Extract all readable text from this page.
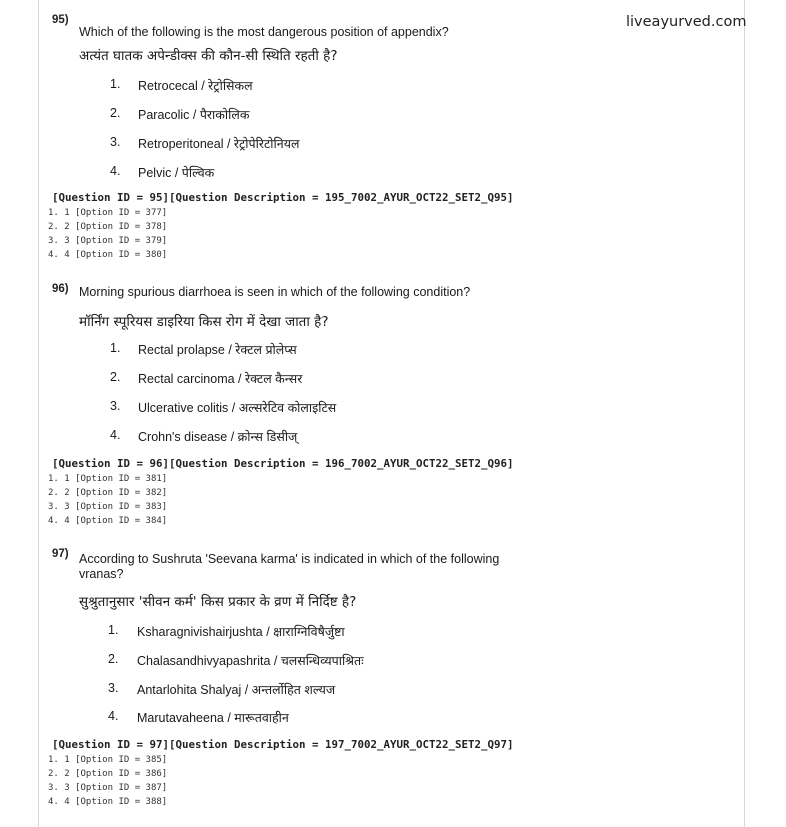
liveayurved.com
95)
Which of the following is the most dangerous position of appendix?
अत्यंत घातक अपेन्डीक्स की कौन-सी स्थिति रहती है?
1.	Retrocecal / रेट्रोसिकल
2.	Paracolic / पैराकोलिक
3.	Retroperitoneal / रेट्रोपेरिटोनियल
4.	Pelvic / पेल्विक
[Question ID = 95][Question Description = 195_7002_AYUR_OCT22_SET2_Q95]
1. 1 [Option ID = 377]
2. 2 [Option ID = 378]
3. 3 [Option ID = 379]
4. 4 [Option ID = 380]
96) Morning spurious diarrhoea is seen in which of the following condition?
मॉर्निंग स्पूरियस डाइरिया किस रोग में देखा जाता है?
1.	Rectal prolapse / रेक्टल प्रोलेप्स
2.	Rectal carcinoma / रेक्टल कैन्सर
3.	Ulcerative colitis / अल्सरेटिव कोलाइटिस
4.	Crohn's disease / क्रोन्स डिसीज्
[Question ID = 96][Question Description = 196_7002_AYUR_OCT22_SET2_Q96]
1. 1 [Option ID = 381]
2. 2 [Option ID = 382]
3. 3 [Option ID = 383]
4. 4 [Option ID = 384]
97) According to Sushruta 'Seevana karma' is indicated in which of the following vranas?
सुश्रुतानुसार 'सीवन कर्म' किस प्रकार के व्रण में निर्दिष्ट है?
1.	Ksharagnivishairjushta / क्षाराग्निविषैर्जुष्टा
2.	Chalasandhivyapashrita / चलसन्धिव्यपाश्रितः
3.	Antarlohita Shalyaj / अन्तर्लोहित शल्यज
4.	Marutavaheena / मारूतवाहीन
[Question ID = 97][Question Description = 197_7002_AYUR_OCT22_SET2_Q97]
1. 1 [Option ID = 385]
2. 2 [Option ID = 386]
3. 3 [Option ID = 387]
4. 4 [Option ID = 388]
